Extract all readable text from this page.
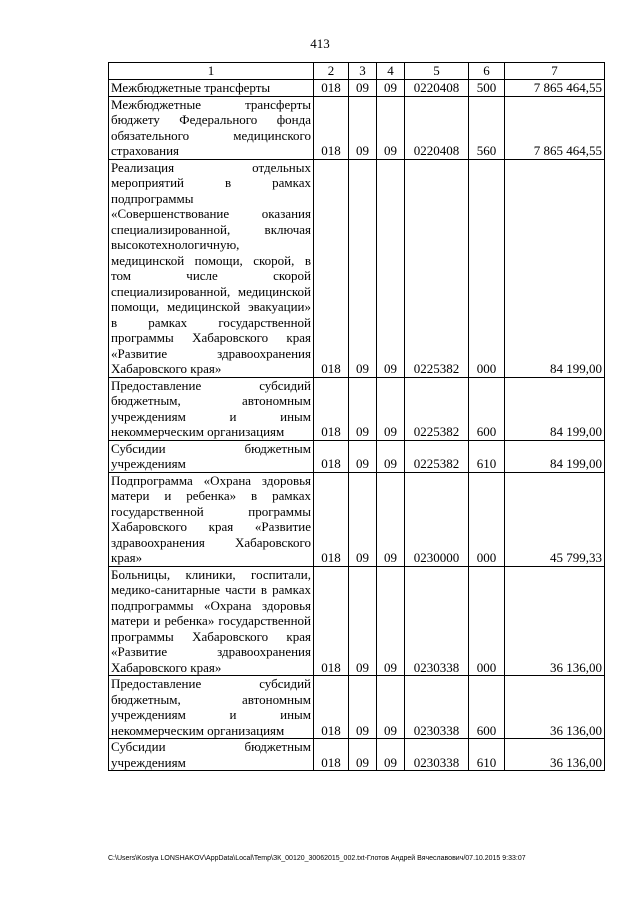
413
1	2	3	4	5	6	7
Межбюджетные трансферты	018	09	09	0220408	500	7 865 464,55
Межбюджетные трансферты бюджету Федерального фонда обязательного медицинского страхования	018	09	09	0220408	560	7 865 464,55
Реализация отдельных мероприятий в рамках подпрограммы «Совершенствование оказания специализированной, включая высокотехнологичную, медицинской помощи, скорой, в том числе скорой специализированной, медицинской помощи, медицинской эвакуации» в рамках государственной программы Хабаровского края «Развитие здравоохранения Хабаровского края»	018	09	09	0225382	000	84 199,00
Предоставление субсидий бюджетным, автономным учреждениям и иным некоммерческим организациям	018	09	09	0225382	600	84 199,00
Субсидии бюджетным учреждениям	018	09	09	0225382	610	84 199,00
Подпрограмма «Охрана здоровья матери и ребенка» в рамках государственной программы Хабаровского края «Развитие здравоохранения Хабаровского края»	018	09	09	0230000	000	45 799,33
Больницы, клиники, госпитали, медико-санитарные части в рамках подпрограммы «Охрана здоровья матери и ребенка» государственной программы Хабаровского края «Развитие здравоохранения Хабаровского края»	018	09	09	0230338	000	36 136,00
Предоставление субсидий бюджетным, автономным учреждениям и иным некоммерческим организациям	018	09	09	0230338	600	36 136,00
Субсидии бюджетным учреждениям	018	09	09	0230338	610	36 136,00
C:\Users\Kostya LONSHAKOV\AppData\Local\Temp\ЗК_00120_30062015_002.txt-Глотов Андрей Вячеславович/07.10.2015 9:33:07
